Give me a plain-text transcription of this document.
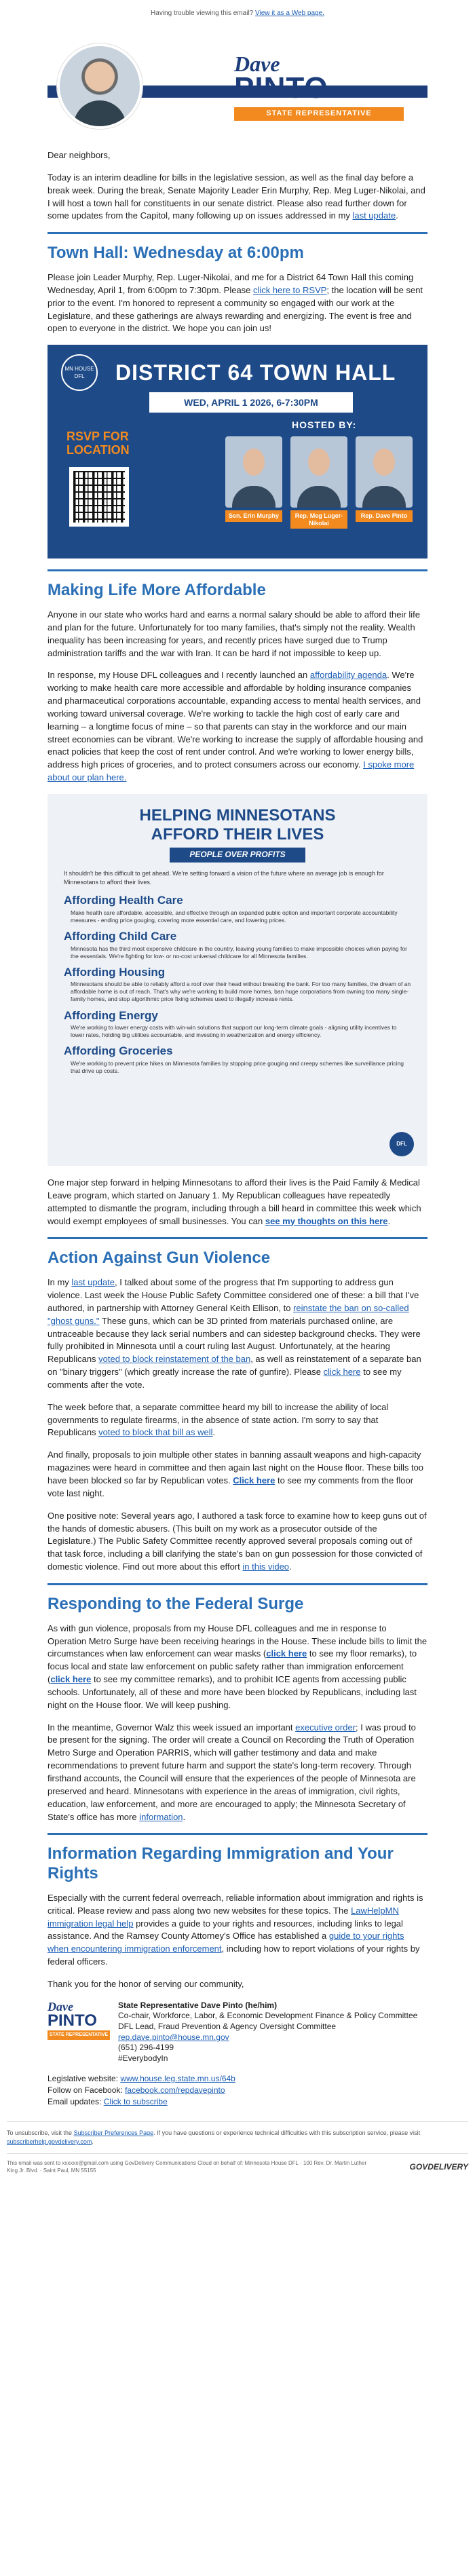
Having trouble viewing this email? View it as a Web page.
Dave
PINTO
STATE REPRESENTATIVE

Dear neighbors,

Today is an interim deadline for bills in the legislative session, as well as the final day before a break week. During the break, Senate Majority Leader Erin Murphy, Rep. Meg Luger-Nikolai, and I will host a town hall for constituents in our senate district. Please also read further down for some updates from the Capitol, many following up on issues addressed in my last update.

Town Hall: Wednesday at 6:00pm

Please join Leader Murphy, Rep. Luger-Nikolai, and me for a District 64 Town Hall this coming Wednesday, April 1, from 6:00pm to 7:30pm. Please click here to RSVP; the location will be sent prior to the event. I'm honored to represent a community so engaged with our work at the Legislature, and these gatherings are always rewarding and energizing. The event is free and open to everyone in the district. We hope you can join us!

MN HOUSE DFL	DISTRICT 64 TOWN HALL
WED, APRIL 1 2026, 6-7:30PM
RSVP FOR
LOCATION
HOSTED BY:
Sen. Erin Murphy	Rep. Meg Luger-Nikolai
Rep. Dave Pinto
Making Life More Affordable

Anyone in our state who works hard and earns a normal salary should be able to afford their life and plan for the future. Unfortunately for too many families, that's simply not the reality. Wealth inequality has been increasing for years, and recently prices have surged due to Trump administration tariffs and the war with Iran. It can be hard if not impossible to keep up.

In response, my House DFL colleagues and I recently launched an affordability agenda. We're working to make health care more accessible and affordable by holding insurance companies and pharmaceutical corporations accountable, expanding access to mental health services, and working toward universal coverage. We're working to tackle the high cost of early care and learning – a longtime focus of mine – so that parents can stay in the workforce and our main street economies can be vibrant. We're working to increase the supply of affordable housing and enact policies that keep the cost of rent under control. And we're working to lower energy bills, address high prices of groceries, and to protect consumers across our economy. I spoke more about our plan here.

HELPING MINNESOTANS
AFFORD THEIR LIVES
PEOPLE OVER PROFITS
It shouldn't be this difficult to get ahead. We're setting forward a vision of the future where an average job is enough for Minnesotans to afford their lives.
Affording Health Care
Make health care affordable, accessible, and effective through an expanded public option and important corporate accountability measures - ending price gouging, covering more essential care, and lowering prices.
Affording Child Care
Minnesota has the third most expensive childcare in the country, leaving young families to make impossible choices when paying for the essentials. We're fighting for low- or no-cost universal childcare for all Minnesota families.
Affording Housing
Minnesotans should be able to reliably afford a roof over their head without breaking the bank. For too many families, the dream of an affordable home is out of reach. That's why we're working to build more homes, ban huge corporations from owning too many single-family homes, and stop algorithmic price fixing schemes used to illegally increase rents.
Affording Energy
We're working to lower energy costs with win-win solutions that support our long-term climate goals - aligning utility incentives to lower rates, holding big utilities accountable, and investing in weatherization and energy efficiency.
Affording Groceries
We're working to prevent price hikes on Minnesota families by stopping price gouging and creepy schemes like surveillance pricing that drive up costs.
DFL

One major step forward in helping Minnesotans to afford their lives is the Paid Family & Medical Leave program, which started on January 1. My Republican colleagues have repeatedly attempted to dismantle the program, including through a bill heard in committee this week which would exempt employees of small businesses. You can see my thoughts on this here.

Action Against Gun Violence

In my last update, I talked about some of the progress that I'm supporting to address gun violence. Last week the House Public Safety Committee considered one of these: a bill that I've authored, in partnership with Attorney General Keith Ellison, to reinstate the ban on so-called "ghost guns." These guns, which can be 3D printed from materials purchased online, are untraceable because they lack serial numbers and can sidestep background checks. They were fully prohibited in Minnesota until a court ruling last August. Unfortunately, at the hearing Republicans voted to block reinstatement of the ban, as well as reinstatement of a separate ban on "binary triggers" (which greatly increase the rate of gunfire). Please click here to see my comments after the vote.

The week before that, a separate committee heard my bill to increase the ability of local governments to regulate firearms, in the absence of state action. I'm sorry to say that Republicans voted to block that bill as well.

And finally, proposals to join multiple other states in banning assault weapons and high-capacity magazines were heard in committee and then again last night on the House floor. These bills too have been blocked so far by Republican votes. Click here to see my comments from the floor vote last night.

One positive note: Several years ago, I authored a task force to examine how to keep guns out of the hands of domestic abusers. (This built on my work as a prosecutor outside of the Legislature.) The Public Safety Committee recently approved several proposals coming out of that task force, including a bill clarifying the state's ban on gun possession for those convicted of domestic violence. Find out more about this effort in this video.

Responding to the Federal Surge

As with gun violence, proposals from my House DFL colleagues and me in response to Operation Metro Surge have been receiving hearings in the House. These include bills to limit the circumstances when law enforcement can wear masks (click here to see my floor remarks), to focus local and state law enforcement on public safety rather than immigration enforcement (click here to see my committee remarks), and to prohibit ICE agents from accessing public schools. Unfortunately, all of these and more have been blocked by Republicans, including last night on the House floor. We will keep pushing.

In the meantime, Governor Walz this week issued an important executive order; I was proud to be present for the signing. The order will create a Council on Recording the Truth of Operation Metro Surge and Operation PARRIS, which will gather testimony and data and make recommendations to prevent future harm and support the state's long-term recovery. Through firsthand accounts, the Council will ensure that the experiences of the people of Minnesota are preserved and heard. Minnesotans with experience in the areas of immigration, civil rights, education, law enforcement, and more are encouraged to apply; the Minnesota Secretary of State's office has more information.

Information Regarding Immigration and Your Rights

Especially with the current federal overreach, reliable information about immigration and rights is critical. Please review and pass along two new websites for these topics. The LawHelpMN immigration legal help provides a guide to your rights and resources, including links to legal assistance. And the Ramsey County Attorney's Office has established a guide to your rights when encountering immigration enforcement, including how to report violations of your rights by federal officers.

Thank you for the honor of serving our community,

Dave
PINTO
STATE REPRESENTATIVE
State Representative Dave Pinto (he/him)
Co-chair, Workforce, Labor, & Economic Development Finance & Policy Committee
DFL Lead, Fraud Prevention & Agency Oversight Committee
rep.dave.pinto@house.mn.gov
(651) 296-4199
#EverybodyIn
Legislative website: www.house.leg.state.mn.us/64b
Follow on Facebook: facebook.com/repdavepinto
Email updates: Click to subscribe
To unsubscribe, visit the Subscriber Preferences Page. If you have questions or experience technical difficulties with this subscription service, please visit subscriberhelp.govdelivery.com.
This email was sent to xxxxxx@gmail.com using GovDelivery Communications Cloud on behalf of: Minnesota House DFL · 100 Rev. Dr. Martin Luther King Jr. Blvd. · Saint Paul, MN 55155	GOVDELIVERY
